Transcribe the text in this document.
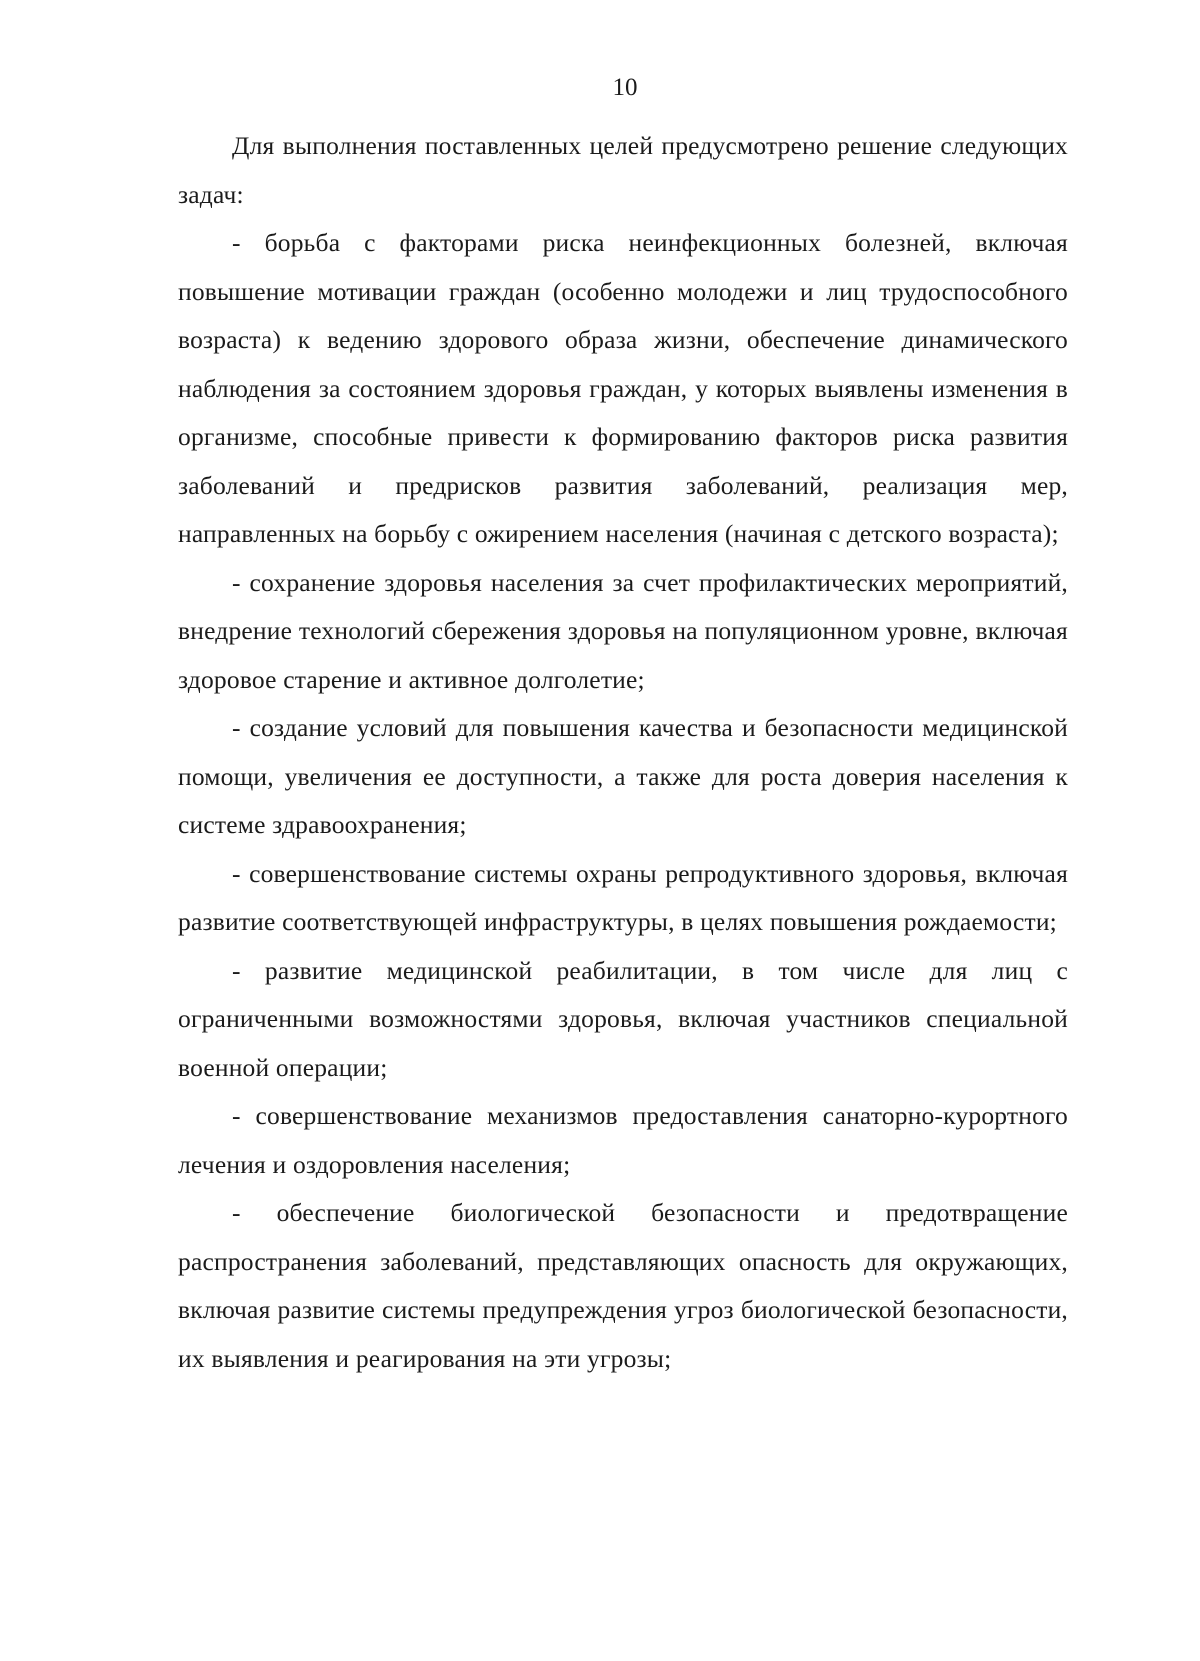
10

Для выполнения поставленных целей предусмотрено решение следующих задач:

- борьба с факторами риска неинфекционных болезней, включая повышение мотивации граждан (особенно молодежи и лиц трудоспособного возраста) к ведению здорового образа жизни, обеспечение динамического наблюдения за состоянием здоровья граждан, у которых выявлены изменения в организме, способные привести к формированию факторов риска развития заболеваний и предрисков развития заболеваний, реализация мер, направленных на борьбу с ожирением населения (начиная с детского возраста);

- сохранение здоровья населения за счет профилактических мероприятий, внедрение технологий сбережения здоровья на популяционном уровне, включая здоровое старение и активное долголетие;

- создание условий для повышения качества и безопасности медицинской помощи, увеличения ее доступности, а также для роста доверия населения к системе здравоохранения;

- совершенствование системы охраны репродуктивного здоровья, включая развитие соответствующей инфраструктуры, в целях повышения рождаемости;

- развитие медицинской реабилитации, в том числе для лиц с ограниченными возможностями здоровья, включая участников специальной военной операции;

- совершенствование механизмов предоставления санаторно-курортного лечения и оздоровления населения;

- обеспечение биологической безопасности и предотвращение распространения заболеваний, представляющих опасность для окружающих, включая развитие системы предупреждения угроз биологической безопасности, их выявления и реагирования на эти угрозы;
